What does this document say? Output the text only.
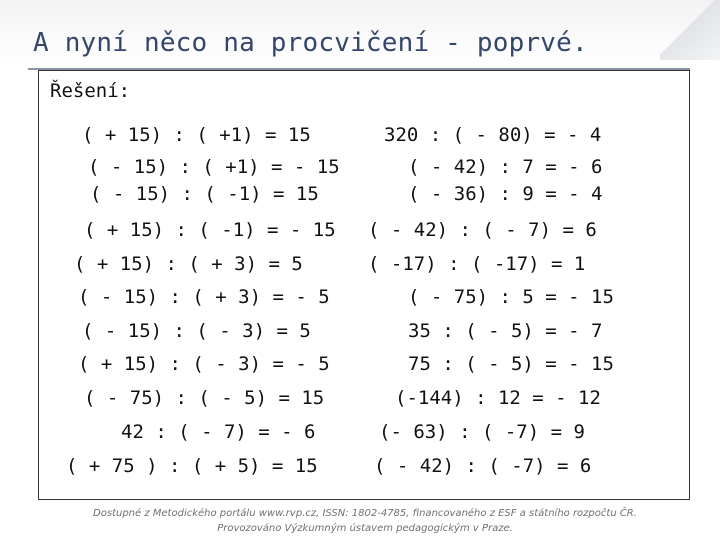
A nyní něco na procvičení - poprvé.
Řešení:
( + 15) : ( +1) = 15
( - 15) : ( +1) = - 15
( - 15) : ( -1) = 15
( + 15) : ( -1) = - 15
( + 15) : ( + 3) = 5
( - 15) : ( + 3) = - 5
( - 15) : ( - 3) = 5
( + 15) : ( - 3) = - 5
( - 75) : ( - 5) = 15
42 : ( - 7) = - 6
( + 75 ) : ( + 5) = 15
320 : ( - 80) = - 4
( - 42) : 7 = - 6
( - 36) : 9 = - 4
( - 42) : ( - 7) = 6
( -17) : ( -17) = 1
( - 75) : 5 = - 15
35 : ( - 5) = - 7
75 : ( - 5) = - 15
(-144) : 12 = - 12
(- 63) : ( -7) = 9
( - 42) : ( -7) = 6
Dostupné z Metodického portálu www.rvp.cz, ISSN: 1802-4785, financovaného z ESF a státního rozpočtu ČR.
Provozováno Výzkumným ústavem pedagogickým v Praze.
